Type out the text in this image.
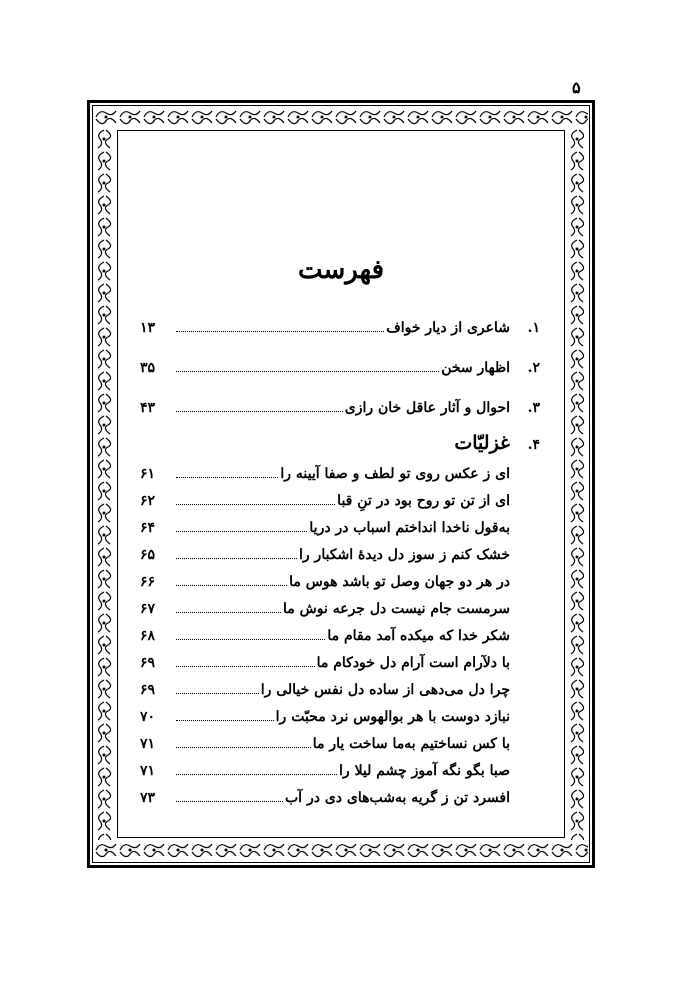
۵
فهرست
۱.
شاعری از دیار خواف
۱۳
۲.
اظهار سخن
۳۵
۳.
احوال و آثار عاقل خان رازی
۴۳
۴.
غزلیّات
ای ز عکس روی تو لطف و صفا آیینه را
۶۱
ای از تن تو روح بود در تنِ قبا
۶۲
به‌قول ناخدا انداختم اسباب در دریا
۶۴
خشک کنم ز سوز دل دیدهٔ اشکبار را
۶۵
در هر دو جهان وصل تو باشد هوس ما
۶۶
سرمست جام نیست دل جرعه نوش ما
۶۷
شکر خدا که میکده آمد مقام ما
۶۸
با دلآرام است آرام دل خودکام ما
۶۹
چرا دل می‌دهی از ساده دل نفس خیالی را
۶۹
نبازد دوست با هر بوالهوس نرد محبّت را
۷۰
با کس نساختیم به‌ما ساخت یار ما
۷۱
صبا بگو نگه آموز چشم لیلا را
۷۱
افسرد تن ز گریه به‌شب‌های دی در آب
۷۳
